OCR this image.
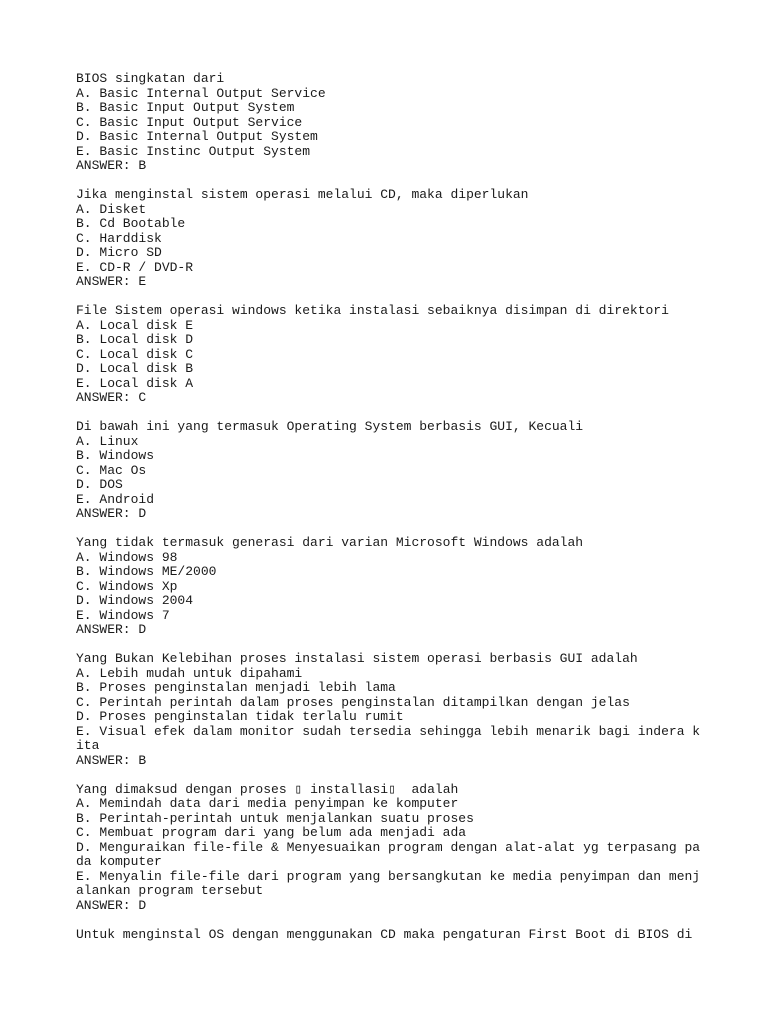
BIOS singkatan dari
A. Basic Internal Output Service
B. Basic Input Output System
C. Basic Input Output Service
D. Basic Internal Output System
E. Basic Instinc Output System
ANSWER: B
Jika menginstal sistem operasi melalui CD, maka diperlukan
A. Disket
B. Cd Bootable
C. Harddisk
D. Micro SD
E. CD-R / DVD-R
ANSWER: E
File Sistem operasi windows ketika instalasi sebaiknya disimpan di direktori
A. Local disk E
B. Local disk D
C. Local disk C
D. Local disk B
E. Local disk A
ANSWER: C
Di bawah ini yang termasuk Operating System berbasis GUI, Kecuali
A. Linux
B. Windows
C. Mac Os
D. DOS
E. Android
ANSWER: D
Yang tidak termasuk generasi dari varian Microsoft Windows adalah
A. Windows 98
B. Windows ME/2000
C. Windows Xp
D. Windows 2004
E. Windows 7
ANSWER: D
Yang Bukan Kelebihan proses instalasi sistem operasi berbasis GUI adalah
A. Lebih mudah untuk dipahami
B. Proses penginstalan menjadi lebih lama
C. Perintah perintah dalam proses penginstalan ditampilkan dengan jelas
D. Proses penginstalan tidak terlalu rumit
E. Visual efek dalam monitor sudah tersedia sehingga lebih menarik bagi indera k
ita
ANSWER: B
Yang dimaksud dengan proses ▯ installasi▯  adalah
A. Memindah data dari media penyimpan ke komputer
B. Perintah-perintah untuk menjalankan suatu proses
C. Membuat program dari yang belum ada menjadi ada
D. Menguraikan file-file & Menyesuaikan program dengan alat-alat yg terpasang pa
da komputer
E. Menyalin file-file dari program yang bersangkutan ke media penyimpan dan menj
alankan program tersebut
ANSWER: D
Untuk menginstal OS dengan menggunakan CD maka pengaturan First Boot di BIOS di
